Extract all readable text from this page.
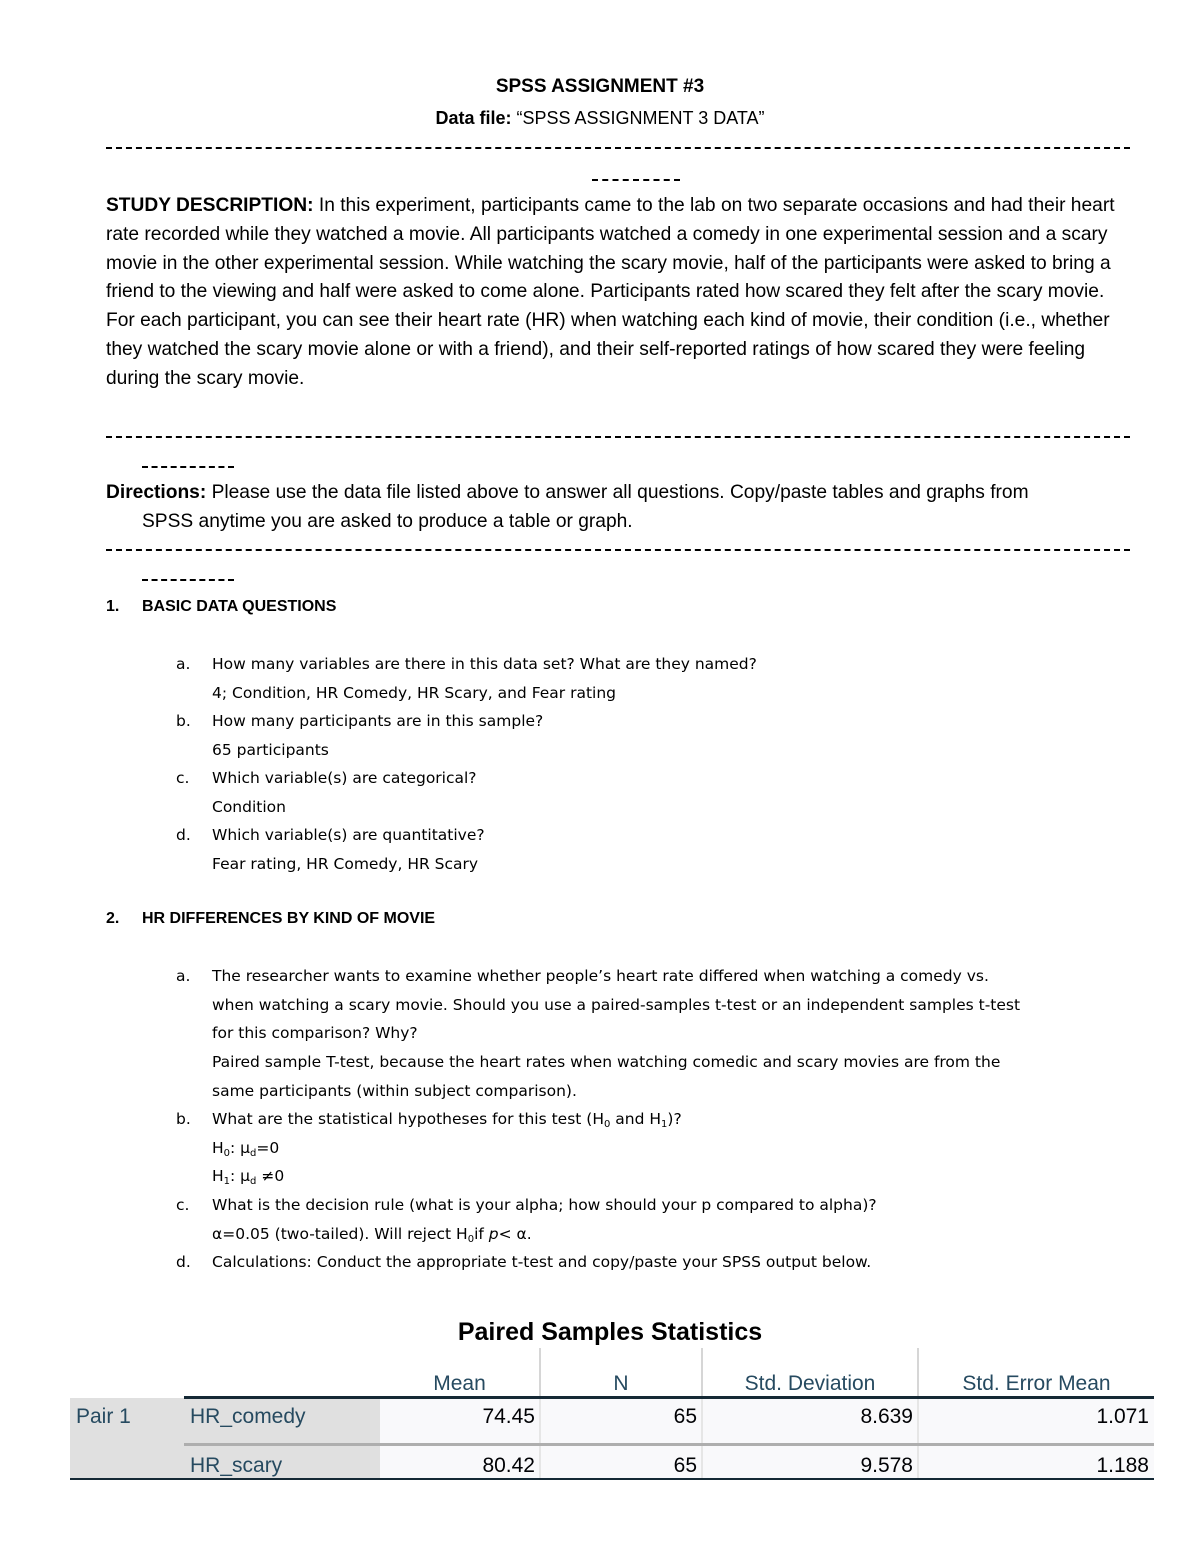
SPSS ASSIGNMENT #3
Data file: “SPSS ASSIGNMENT 3 DATA”
STUDY DESCRIPTION: In this experiment, participants came to the lab on two separate occasions and had their heart rate recorded while they watched a movie. All participants watched a comedy in one experimental session and a scary movie in the other experimental session. While watching the scary movie, half of the participants were asked to bring a friend to the viewing and half were asked to come alone. Participants rated how scared they felt after the scary movie.
For each participant, you can see their heart rate (HR) when watching each kind of movie, their condition (i.e., whether they watched the scary movie alone or with a friend), and their self-reported ratings of how scared they were feeling during the scary movie.
Directions: Please use the data file listed above to answer all questions. Copy/paste tables and graphs from
SPSS anytime you are asked to produce a table or graph.
1. BASIC DATA QUESTIONS
a.	How many variables are there in this data set? What are they named?
4; Condition, HR Comedy, HR Scary, and Fear rating
b.	How many participants are in this sample?
65 participants
c.	Which variable(s) are categorical?
Condition
d.	Which variable(s) are quantitative?
Fear rating, HR Comedy, HR Scary
2. HR DIFFERENCES BY KIND OF MOVIE
a.	The researcher wants to examine whether people’s heart rate differed when watching a comedy vs.
when watching a scary movie. Should you use a paired-samples t-test or an independent samples t-test
for this comparison? Why?
Paired sample T-test, because the heart rates when watching comedic and scary movies are from the
same participants (within subject comparison).
b.	What are the statistical hypotheses for this test ($H_0$ and $H_1$)?
$H_0$: $\mu_d=0$
$H_1$: $\mu_d \ne 0$
c.	What is the decision rule (what is your alpha; how should your p compared to alpha)?
α=0.05 (two-tailed). Will reject $H_0if$ p< α.
d.	Calculations: Conduct the appropriate t-test and copy/paste your SPSS output below.
Paired Samples Statistics
Mean	N	Std. Deviation	Std. Error Mean
Pair 1	HR_comedy	74.45	65	8.639	1.071
HR_scary	80.42	65	9.578	1.188
